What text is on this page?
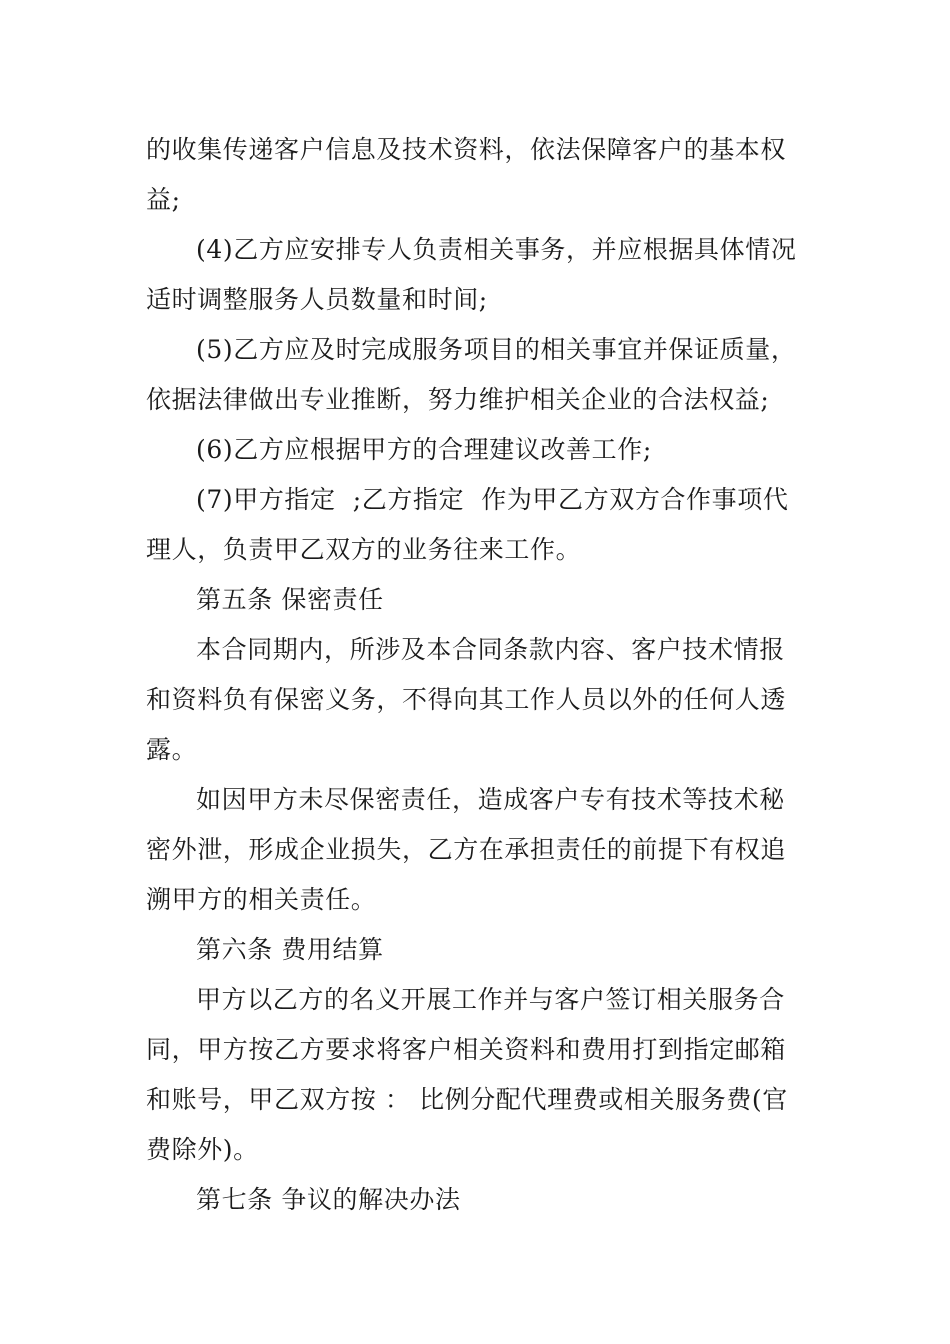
的收集传递客户信息及技术资料，依法保障客户的基本权
益;
(4)乙方应安排专人负责相关事务，并应根据具体情况
适时调整服务人员数量和时间;
(5)乙方应及时完成服务项目的相关事宜并保证质量，
依据法律做出专业推断，努力维护相关企业的合法权益;
(6)乙方应根据甲方的合理建议改善工作;
(7)甲方指定  ;乙方指定  作为甲乙方双方合作事项代
理人，负责甲乙双方的业务往来工作。
第五条 保密责任
本合同期内，所涉及本合同条款内容、客户技术情报
和资料负有保密义务，不得向其工作人员以外的任何人透
露。
如因甲方未尽保密责任，造成客户专有技术等技术秘
密外泄，形成企业损失，乙方在承担责任的前提下有权追
溯甲方的相关责任。
第六条 费用结算
甲方以乙方的名义开展工作并与客户签订相关服务合
同，甲方按乙方要求将客户相关资料和费用打到指定邮箱
和账号，甲乙双方按 ： 比例分配代理费或相关服务费(官
费除外)。
第七条 争议的解决办法
